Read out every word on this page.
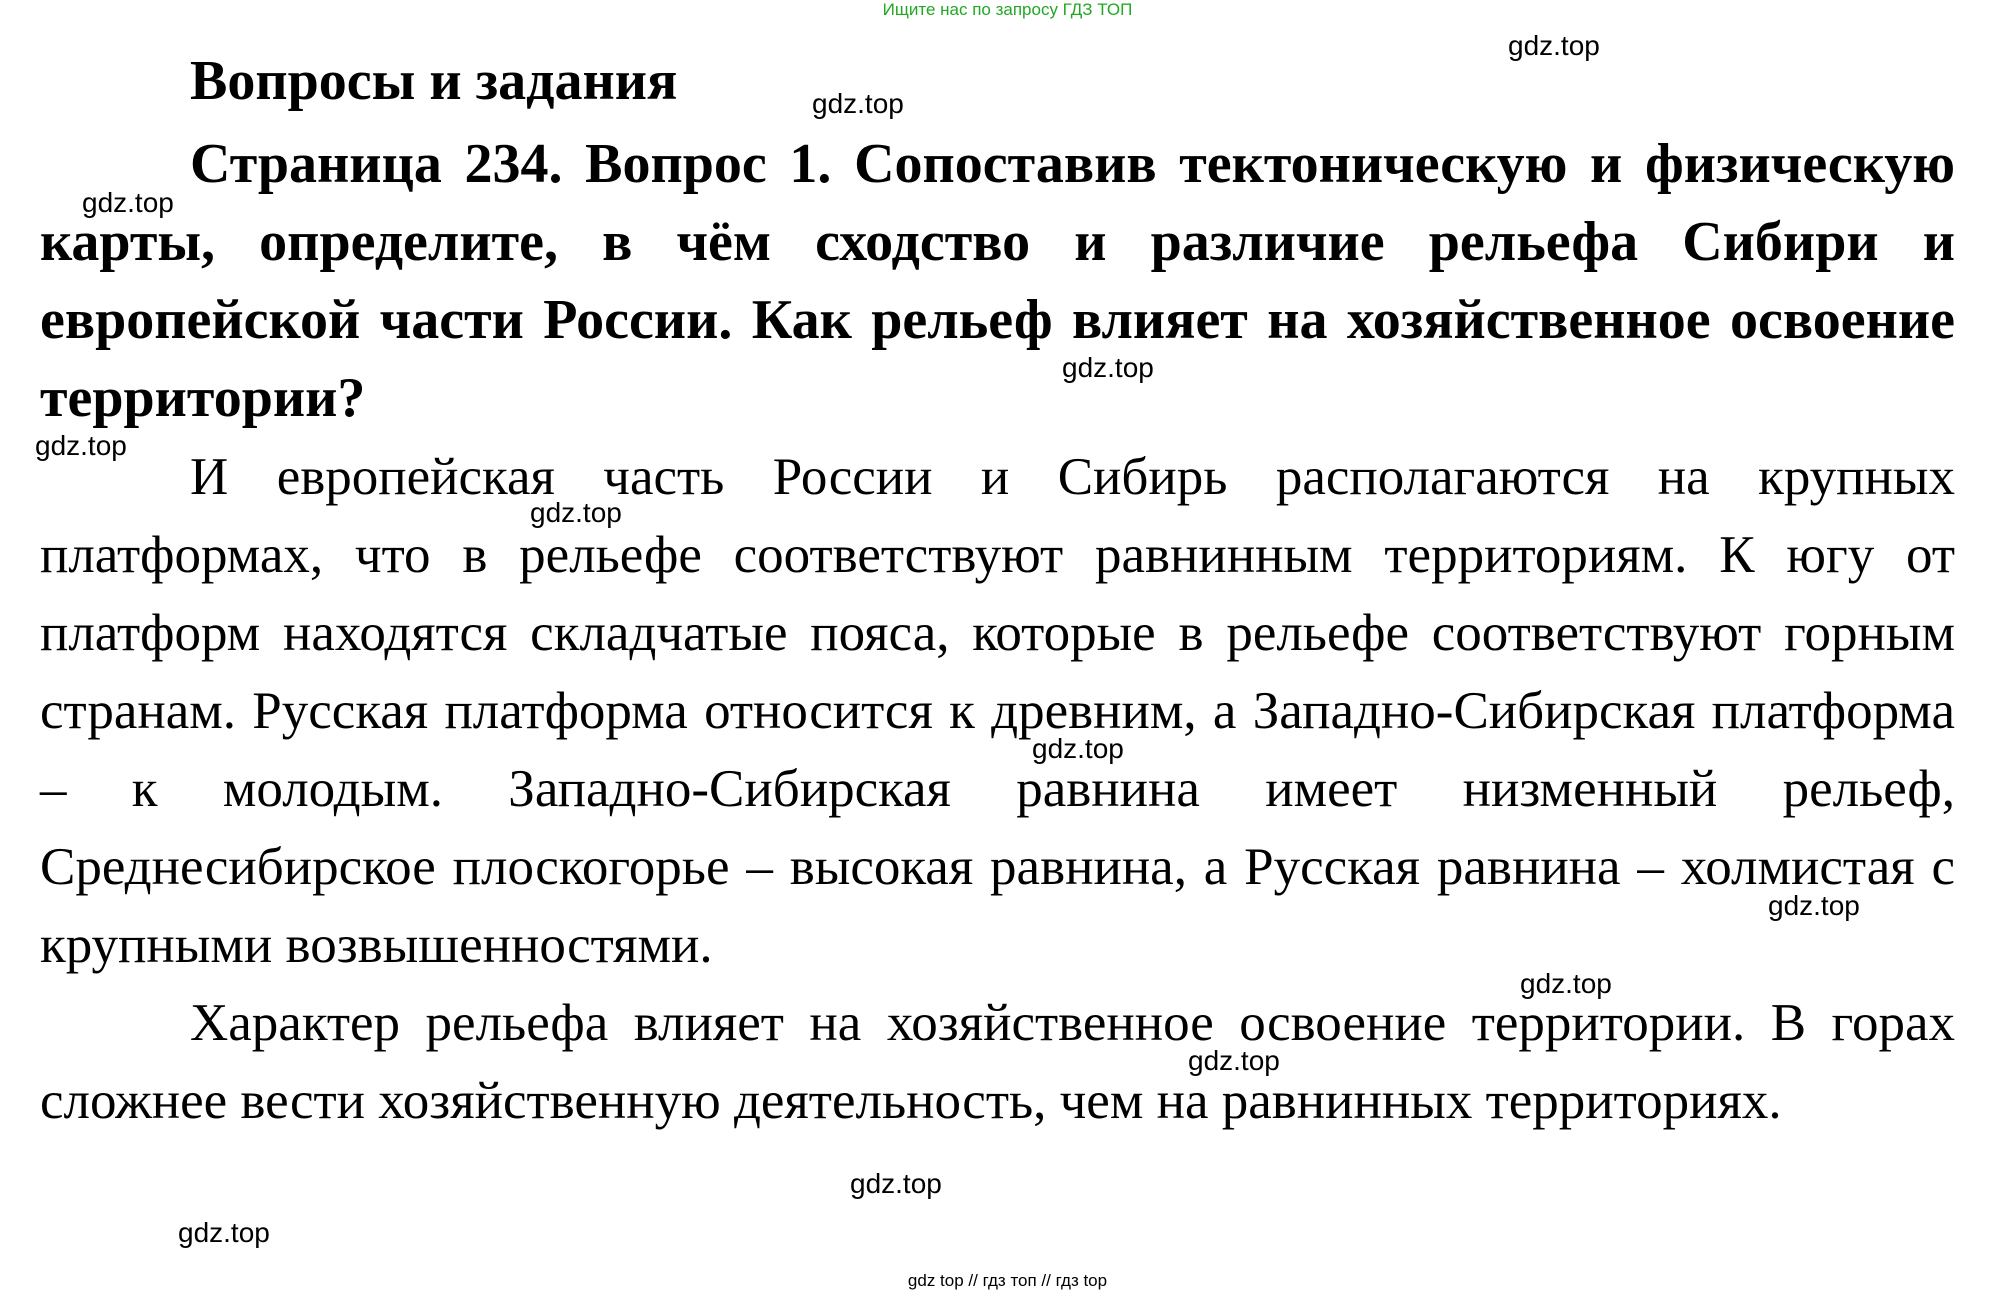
Ищите нас по запросу ГДЗ ТОП
Вопросы и задания

Страница 234. Вопрос 1. Сопоставив тектоническую и физическую карты, определите, в чём сходство и различие рельефа Сибири и европейской части России. Как рельеф влияет на хозяйственное освоение территории?

И европейская часть России и Сибирь располагаются на крупных платформах, что в рельефе соответствуют равнинным территориям. К югу от платформ находятся складчатые пояса, которые в рельефе соответствуют горным странам. Русская платформа относится к древним, а Западно-Сибирская платформа – к молодым. Западно-Сибирская равнина имеет низменный рельеф, Среднесибирское плоскогорье – высокая равнина, а Русская равнина – холмистая с крупными возвышенностями.

Характер рельефа влияет на хозяйственное освоение территории. В горах сложнее вести хозяйственную деятельность, чем на равнинных территориях.

gdz.top
gdz.top
gdz.top
gdz.top
gdz.top
gdz.top
gdz.top
gdz.top
gdz.top
gdz.top
gdz.top
gdz.top
gdz top // гдз топ // гдз top
